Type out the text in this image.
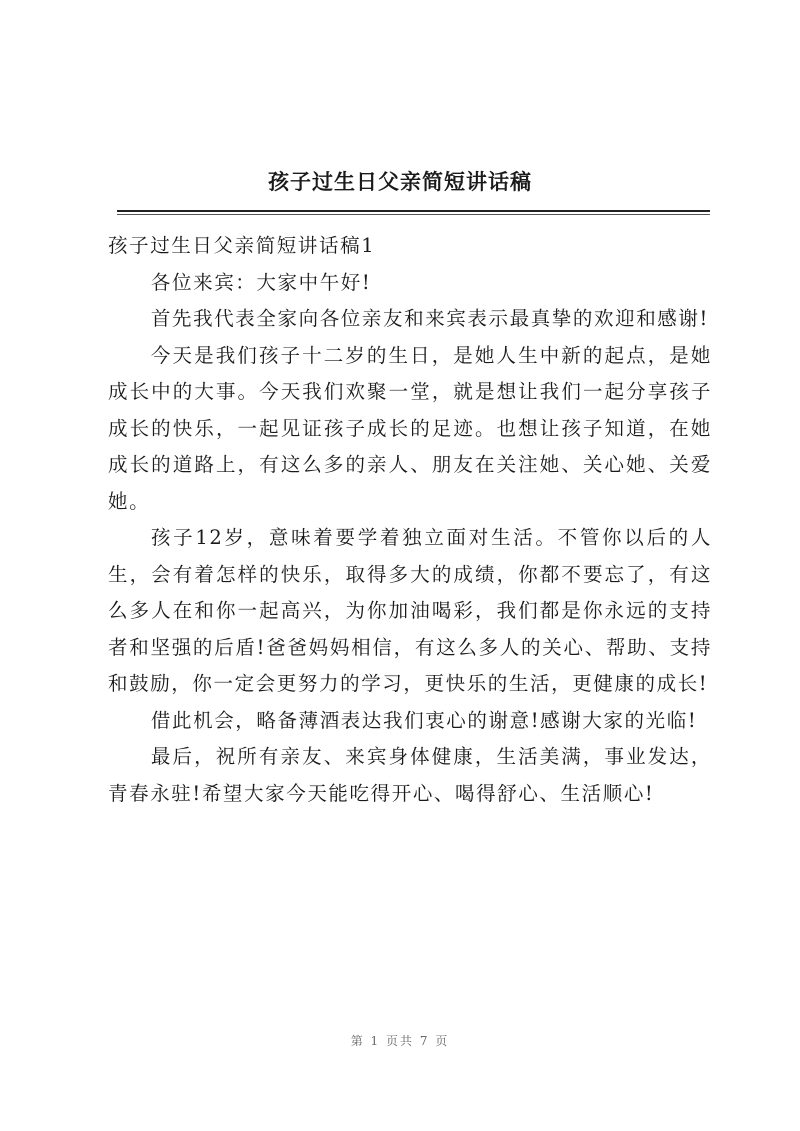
孩子过生日父亲简短讲话稿

孩子过生日父亲简短讲话稿1

各位来宾：大家中午好!

首先我代表全家向各位亲友和来宾表示最真挚的欢迎和感谢!

今天是我们孩子十二岁的生日，是她人生中新的起点，是她成长中的大事。今天我们欢聚一堂，就是想让我们一起分享孩子成长的快乐，一起见证孩子成长的足迹。也想让孩子知道，在她成长的道路上，有这么多的亲人、朋友在关注她、关心她、关爱她。

孩子12岁，意味着要学着独立面对生活。不管你以后的人生，会有着怎样的快乐，取得多大的成绩，你都不要忘了，有这么多人在和你一起高兴，为你加油喝彩，我们都是你永远的支持者和坚强的后盾!爸爸妈妈相信，有这么多人的关心、帮助、支持和鼓励，你一定会更努力的学习，更快乐的生活，更健康的成长!

借此机会，略备薄酒表达我们衷心的谢意!感谢大家的光临!

最后，祝所有亲友、来宾身体健康，生活美满，事业发达，青春永驻!希望大家今天能吃得开心、喝得舒心、生活顺心!

第 1 页共 7 页
